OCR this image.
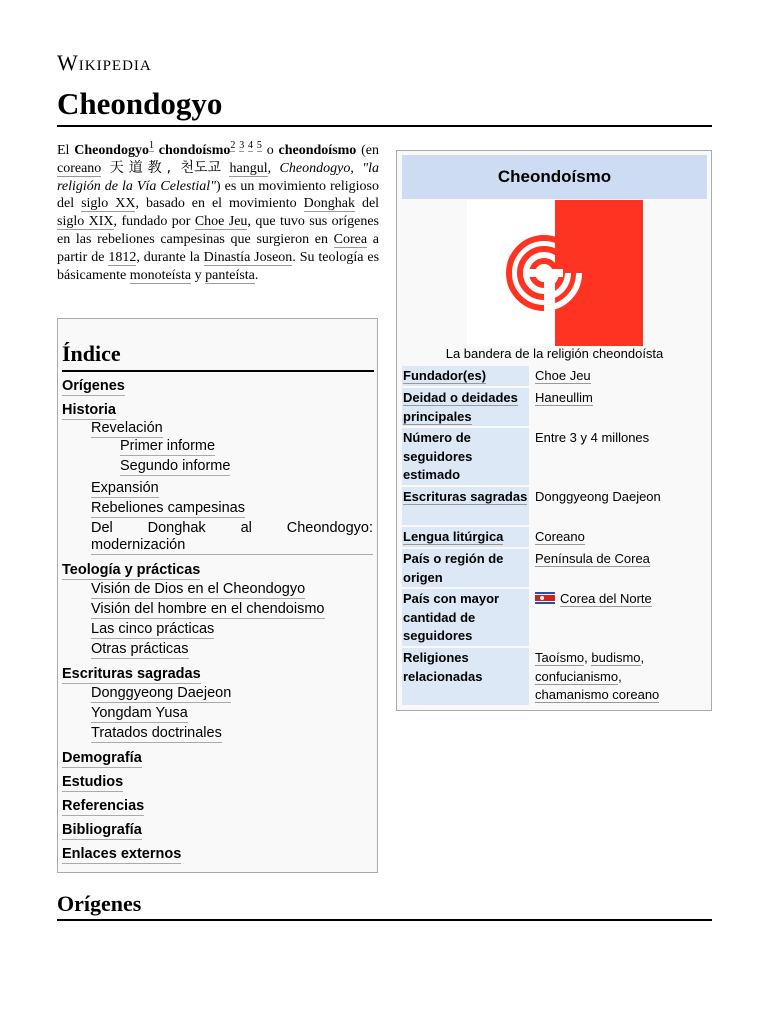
Wikipedia
Cheondogyo
El Cheondogyo$^1$ chondoísmo$^{2 3 4 5}$ o cheondoísmo (en coreano 天道教, 천도교 hangul, Cheondogyo, "la religión de la Vía Celestial") es un movimiento religioso del siglo XX, basado en el movimiento Donghak del siglo XIX, fundado por Choe Jeu, que tuvo sus orígenes en las rebeliones campesinas que surgieron en Corea a partir de 1812, durante la Dinastía Joseon. Su teología es básicamente monoteísta y panteísta.
Índice
Orígenes
Historia
Revelación
Primer informe
Segundo informe
Expansión
Rebeliones campesinas
Del Donghak al Cheondogyo: modernización
Teología y prácticas
Visión de Dios en el Cheondogyo
Visión del hombre en el chendoismo
Las cinco prácticas
Otras prácticas
Escrituras sagradas
Donggyeong Daejeon
Yongdam Yusa
Tratados doctrinales
Demografía
Estudios
Referencias
Bibliografía
Enlaces externos
Cheondoísmo
La bandera de la religión cheondoísta
Fundador(es)	Choe Jeu
Deidad o deidades principales
Haneullim
Número de seguidores estimado
Entre 3 y 4 millones
Escrituras sagradas Donggyeong Daejeon
Lengua litúrgica	Coreano
País o región de origen
Península de Corea
País con mayor cantidad de seguidores
Corea del Norte
Religiones relacionadas
Taoísmo, budismo,
confucianismo,
chamanismo coreano
Orígenes
